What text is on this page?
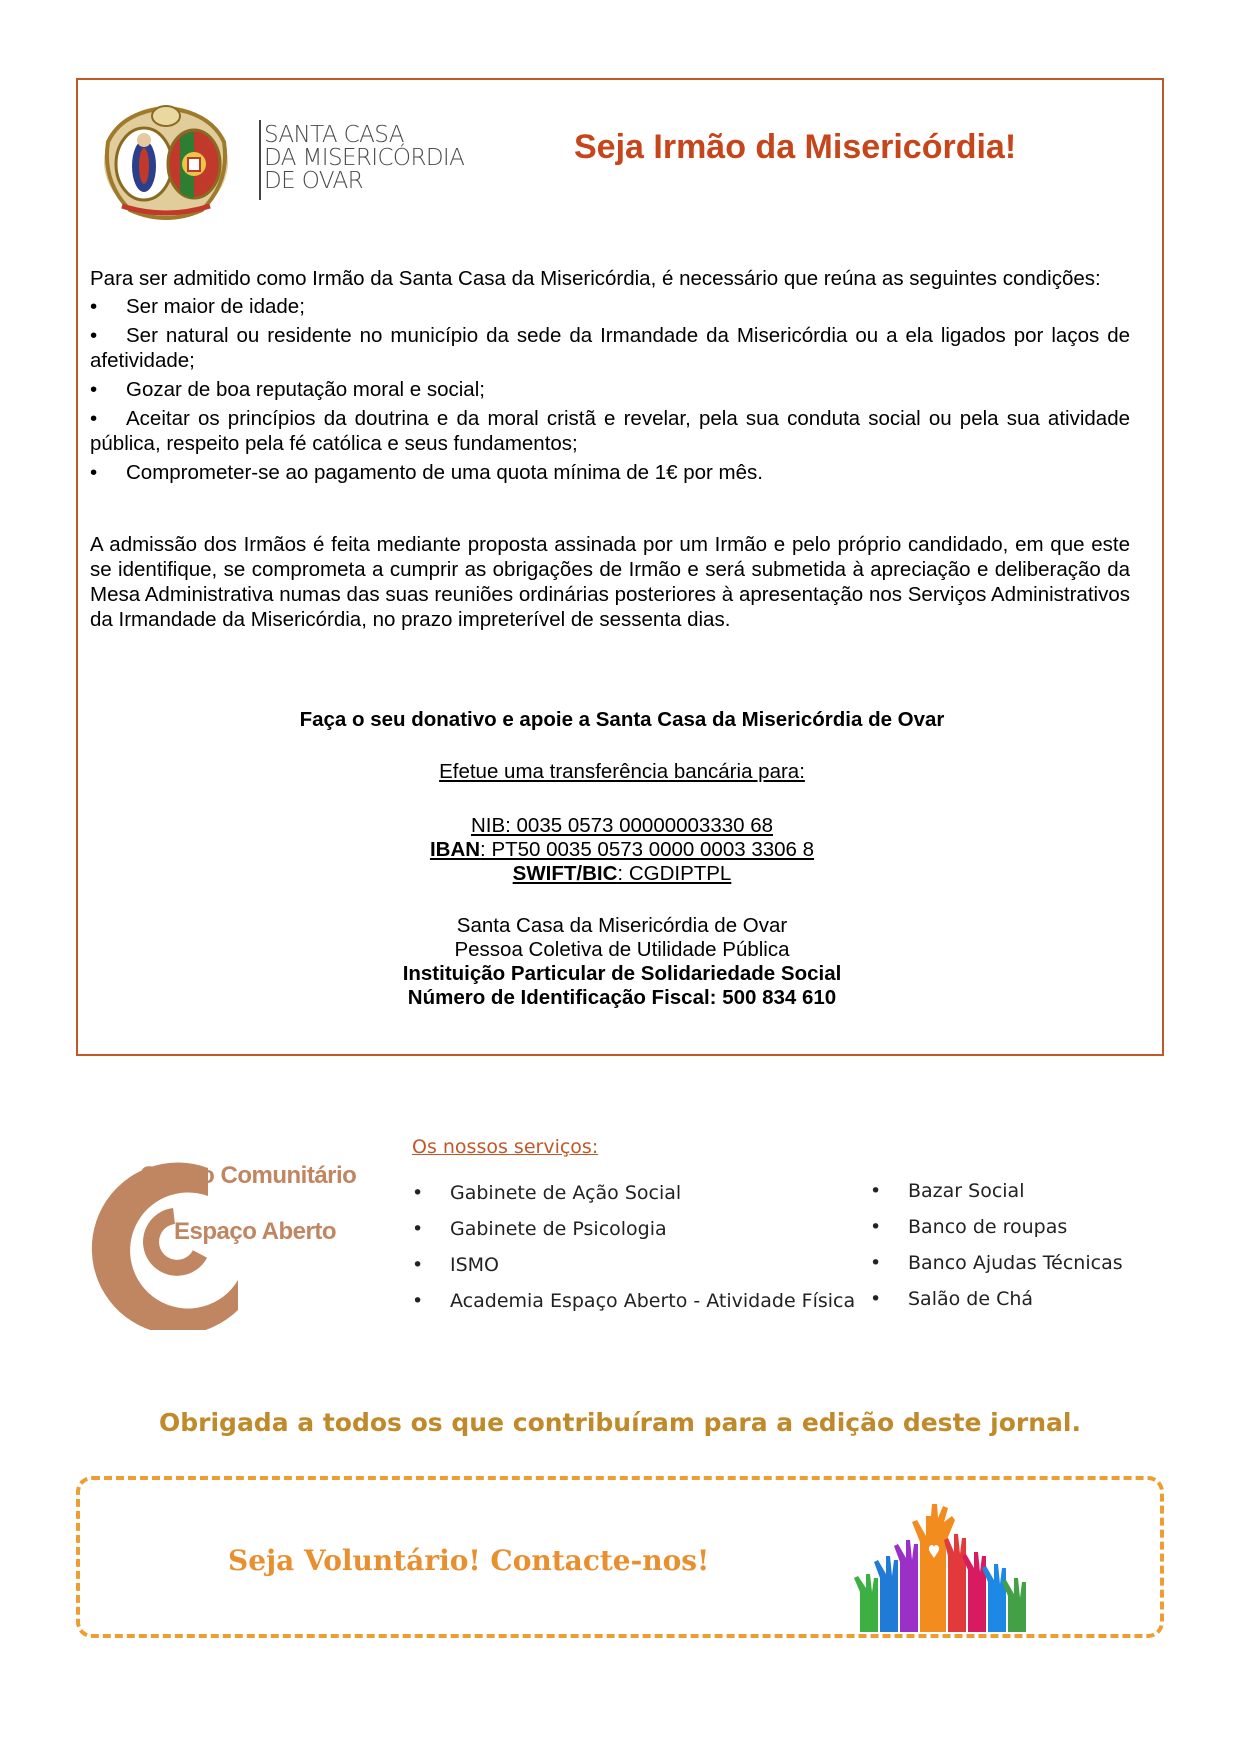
SANTA CASA
DA MISERICÓRDIA
DE OVAR
Seja Irmão da Misericórdia!

Para ser admitido como Irmão da Santa Casa da Misericórdia, é necessário que reúna as seguintes condições:

• Ser maior de idade;
• Ser natural ou residente no município da sede da Irmandade da Misericórdia ou a ela ligados por laços de afetividade;
• Gozar de boa reputação moral e social;
• Aceitar os princípios da doutrina e da moral cristã e revelar, pela sua conduta social ou pela sua atividade pública, respeito pela fé católica e seus fundamentos;
• Comprometer-se ao pagamento de uma quota mínima de 1€ por mês.

A admissão dos Irmãos é feita mediante proposta assinada por um Irmão e pelo próprio candidado, em que este se identifique, se comprometa a cumprir as obrigações de Irmão e será submetida à apreciação e deliberação da Mesa Administrativa numas das suas reuniões ordinárias posteriores à apresentação nos Serviços Administrativos da Irmandade da Misericórdia, no prazo impreterível de sessenta dias.

Faça o seu donativo e apoie a Santa Casa da Misericórdia de Ovar
Efetue uma transferência bancária para:
NIB: 0035 0573 00000003330 68
IBAN: PT50 0035 0573 0000 0003 3306 8
SWIFT/BIC: CGDIPTPL
Santa Casa da Misericórdia de Ovar
Pessoa Coletiva de Utilidade Pública
Instituição Particular de Solidariedade Social
Número de Identificação Fiscal: 500 834 610
Centro Comunitário
Espaço Aberto
Os nossos serviços:
• Gabinete de Ação Social
• Gabinete de Psicologia
• ISMO
• Academia Espaço Aberto - Atividade Física
• Bazar Social
• Banco de roupas
• Banco Ajudas Técnicas
• Salão de Chá
Obrigada a todos os que contribuíram para a edição deste jornal.
Seja Voluntário! Contacte-nos!
